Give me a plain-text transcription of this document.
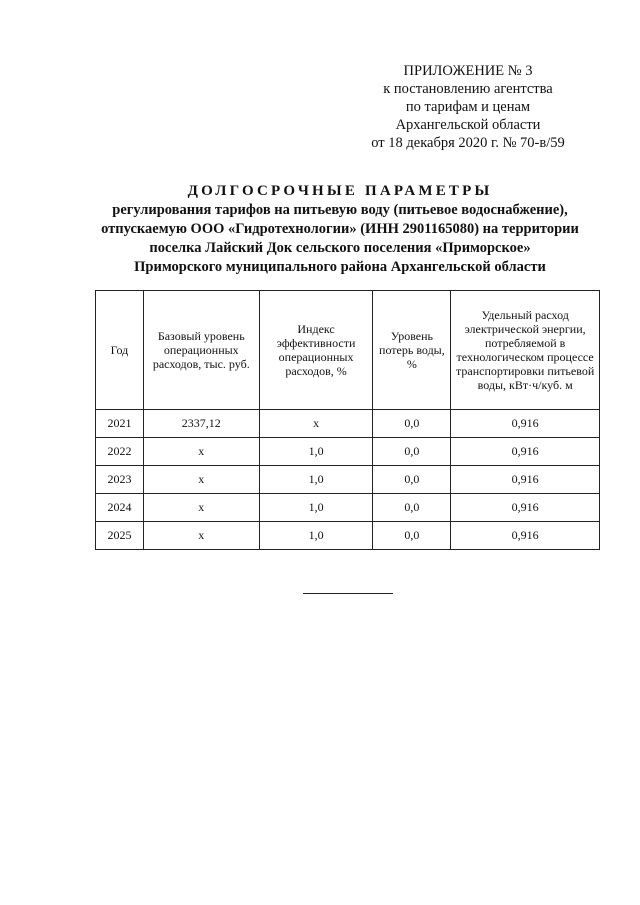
ПРИЛОЖЕНИЕ № 3
к постановлению агентства
по тарифам и ценам
Архангельской области
от 18 декабря 2020 г. № 70-в/59
ДОЛГОСРОЧНЫЕ ПАРАМЕТРЫ
регулирования тарифов на питьевую воду (питьевое водоснабжение),
отпускаемую ООО «Гидротехнологии» (ИНН 2901165080) на территории
поселка Лайский Док сельского поселения «Приморское»
Приморского муниципального района Архангельской области
Год	Базовый уровень операционных расходов, тыс. руб.	Индекс эффективности операционных расходов, %	Уровень потерь воды, %	Удельный расход электрической энергии, потребляемой в технологическом процессе транспортировки питьевой воды, кВт·ч/куб. м
2021	2337,12	х	0,0	0,916
2022	х	1,0	0,0	0,916
2023	х	1,0	0,0	0,916
2024	х	1,0	0,0	0,916
2025	х	1,0	0,0	0,916
